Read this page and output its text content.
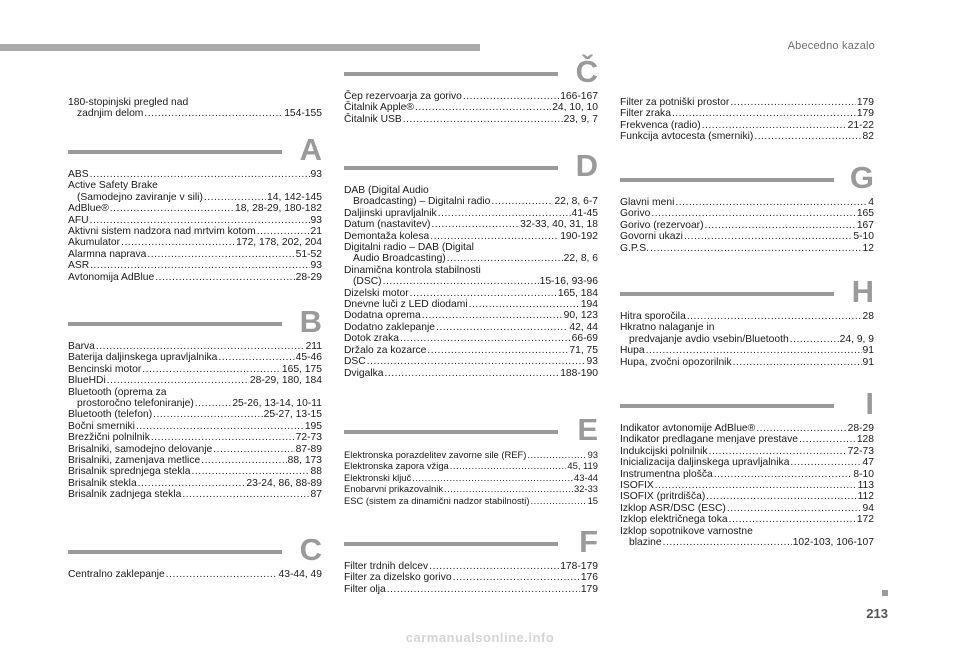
Abecedno kazalo
180-stopinjski pregled nad
zadnjim delom .....	154-155
A
ABS .....	93
Active Safety Brake
(Samodejno zaviranje v sili) .....	14, 142-145
AdBlue® .....	18, 28-29, 180-182
AFU .....	93
Aktivni sistem nadzora nad mrtvim kotom .....	21
Akumulator .....	172, 178, 202, 204
Alarmna naprava .....	51-52
ASR .....	93
Avtonomija AdBlue .....	28-29
B
Barva .....	211
Baterija daljinskega upravljalnika .....	45-46
Bencinski motor .....	165, 175
BlueHDi .....	28-29, 180, 184
Bluetooth (oprema za
prostoročno telefoniranje) .....	25-26, 13-14, 10-11
Bluetooth (telefon) .....	25-27, 13-15
Bočni smerniki .....	195
Brezžični polnilnik .....	72-73
Brisalniki, samodejno delovanje .....	87-89
Brisalniki, zamenjava metlice .....	88, 173
Brisalnik sprednjega stekla .....	88
Brisalnik stekla .....	23-24, 86, 88-89
Brisalnik zadnjega stekla .....	87
C
Centralno zaklepanje .....	43-44, 49
Č
Čep rezervoarja za gorivo .....	166-167
Čitalnik Apple® .....	24, 10, 10
Čitalnik USB .....	23, 9, 7
D
DAB (Digital Audio
Broadcasting) – Digitalni radio .....	22, 8, 6-7
Daljinski upravljalnik .....	41-45
Datum (nastavitev) .....	32-33, 40, 31, 18
Demontaža kolesa .....	190-192
Digitalni radio – DAB (Digital
Audio Broadcasting) .....	22, 8, 6
Dinamična kontrola stabilnosti
(DSC) .....	15-16, 93-96
Dizelski motor .....	165, 184
Dnevne luči z LED diodami .....	194
Dodatna oprema .....	90, 123
Dodatno zaklepanje .....	42, 44
Dotok zraka .....	66-69
Držalo za kozarce .....	71, 75
DSC .....	93
Dvigalka .....	188-190
E
Elektronska porazdelitev zavorne sile (REF) .....	93
Elektronska zapora vžiga .....	45, 119
Elektronski ključ .....	43-44
Enobarvni prikazovalnik .....	32-33
ESC (sistem za dinamični nadzor stabilnosti) .....	15
F
Filter trdnih delcev .....	178-179
Filter za dizelsko gorivo .....	176
Filter olja .....	179
Filter za potniški prostor .....	179
Filter zraka .....	179
Frekvenca (radio) .....	21-22
Funkcija avtocesta (smerniki) .....	82
G
Glavni meni .....	4
Gorivo .....	165
Gorivo (rezervoar) .....	167
Govorni ukazi .....	5-10
G.P.S. .....	12
H
Hitra sporočila .....	28
Hkratno nalaganje in
predvajanje avdio vsebin/Bluetooth .....	24, 9, 9
Hupa .....	91
Hupa, zvočni opozorilnik .....	91
I
Indikator avtonomije AdBlue® .....	28-29
Indikator predlagane menjave prestave .....	128
Indukcijski polnilnik .....	72-73
Inicializacija daljinskega upravljalnika .....	47
Instrumentna plošča .....	8-10
ISOFIX .....	113
ISOFIX (pritrdišča) .....	112
Izklop ASR/DSC (ESC) .....	94
Izklop električnega toka .....	172
Izklop sopotnikove varnostne
blazine .....	102-103, 106-107
213
carmanualsonline.info
